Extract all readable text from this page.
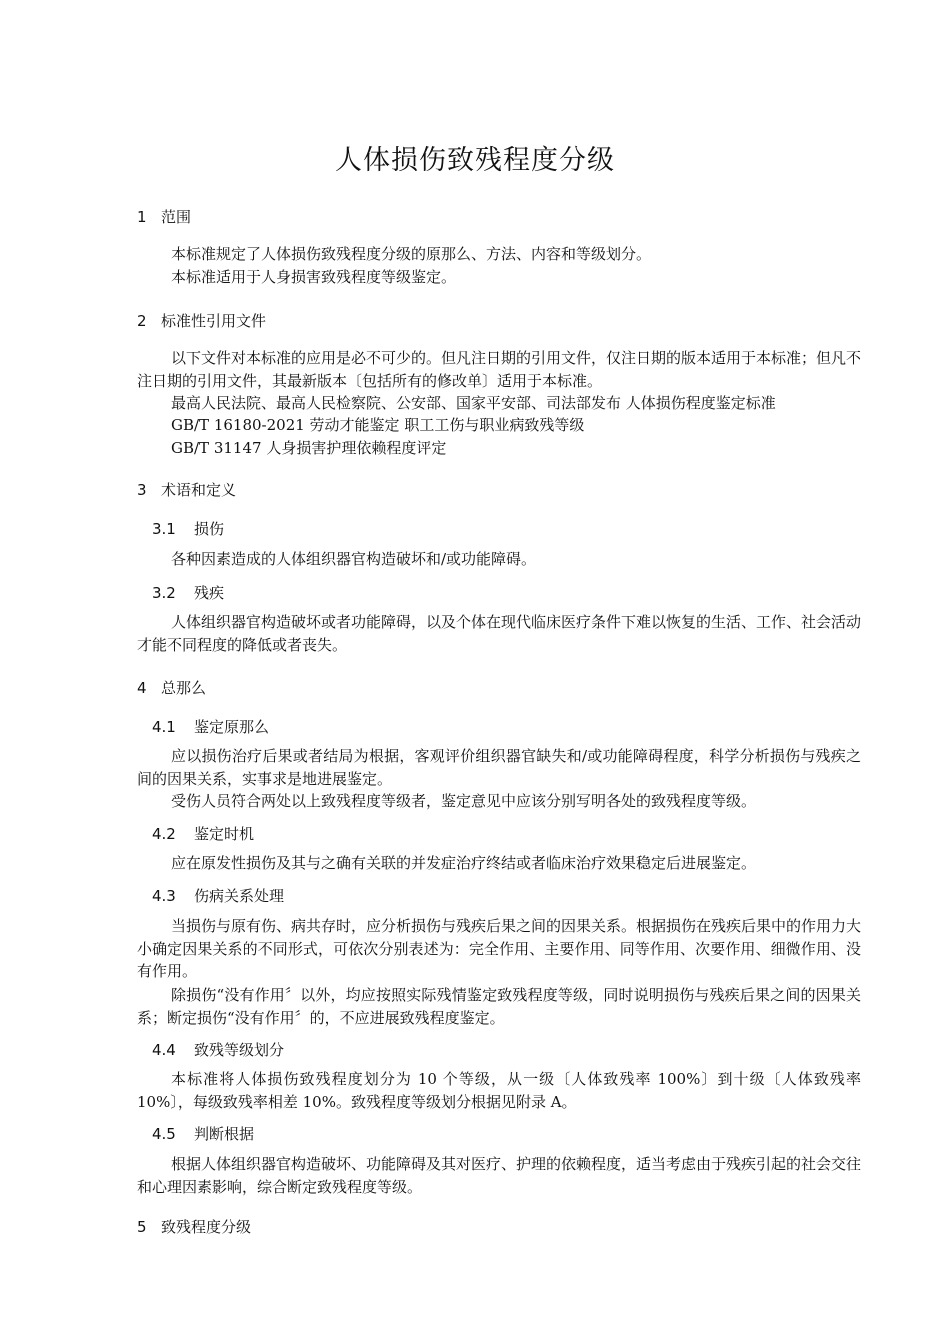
人体损伤致残程度分级
1 范围
本标准规定了人体损伤致残程度分级的原那么、方法、内容和等级划分。
本标准适用于人身损害致残程度等级鉴定。
2 标准性引用文件
以下文件对本标准的应用是必不可少的。但凡注日期的引用文件，仅注日期的版本适用于本标准；但凡不注日期的引用文件，其最新版本〔包括所有的修改单〕适用于本标准。
最高人民法院、最高人民检察院、公安部、国家平安部、司法部发布 人体损伤程度鉴定标准
GB/T 16180-2021 劳动才能鉴定 职工工伤与职业病致残等级
GB/T 31147 人身损害护理依赖程度评定
3 术语和定义
3.1 损伤
各种因素造成的人体组织器官构造破坏和/或功能障碍。
3.2 残疾
人体组织器官构造破坏或者功能障碍，以及个体在现代临床医疗条件下难以恢复的生活、工作、社会活动才能不同程度的降低或者丧失。
4 总那么
4.1 鉴定原那么
应以损伤治疗后果或者结局为根据，客观评价组织器官缺失和/或功能障碍程度，科学分析损伤与残疾之间的因果关系，实事求是地进展鉴定。
受伤人员符合两处以上致残程度等级者，鉴定意见中应该分别写明各处的致残程度等级。
4.2 鉴定时机
应在原发性损伤及其与之确有关联的并发症治疗终结或者临床治疗效果稳定后进展鉴定。
4.3 伤病关系处理
当损伤与原有伤、病共存时，应分析损伤与残疾后果之间的因果关系。根据损伤在残疾后果中的作用力大小确定因果关系的不同形式，可依次分别表述为：完全作用、主要作用、同等作用、次要作用、细微作用、没有作用。
除损伤“没有作用〞以外，均应按照实际残情鉴定致残程度等级，同时说明损伤与残疾后果之间的因果关系；断定损伤“没有作用〞的，不应进展致残程度鉴定。
4.4 致残等级划分
本标准将人体损伤致残程度划分为 10 个等级，从一级〔人体致残率 100%〕到十级〔人体致残率 10%〕，每级致残率相差 10%。致残程度等级划分根据见附录 A。
4.5 判断根据
根据人体组织器官构造破坏、功能障碍及其对医疗、护理的依赖程度，适当考虑由于残疾引起的社会交往和心理因素影响，综合断定致残程度等级。
5 致残程度分级
